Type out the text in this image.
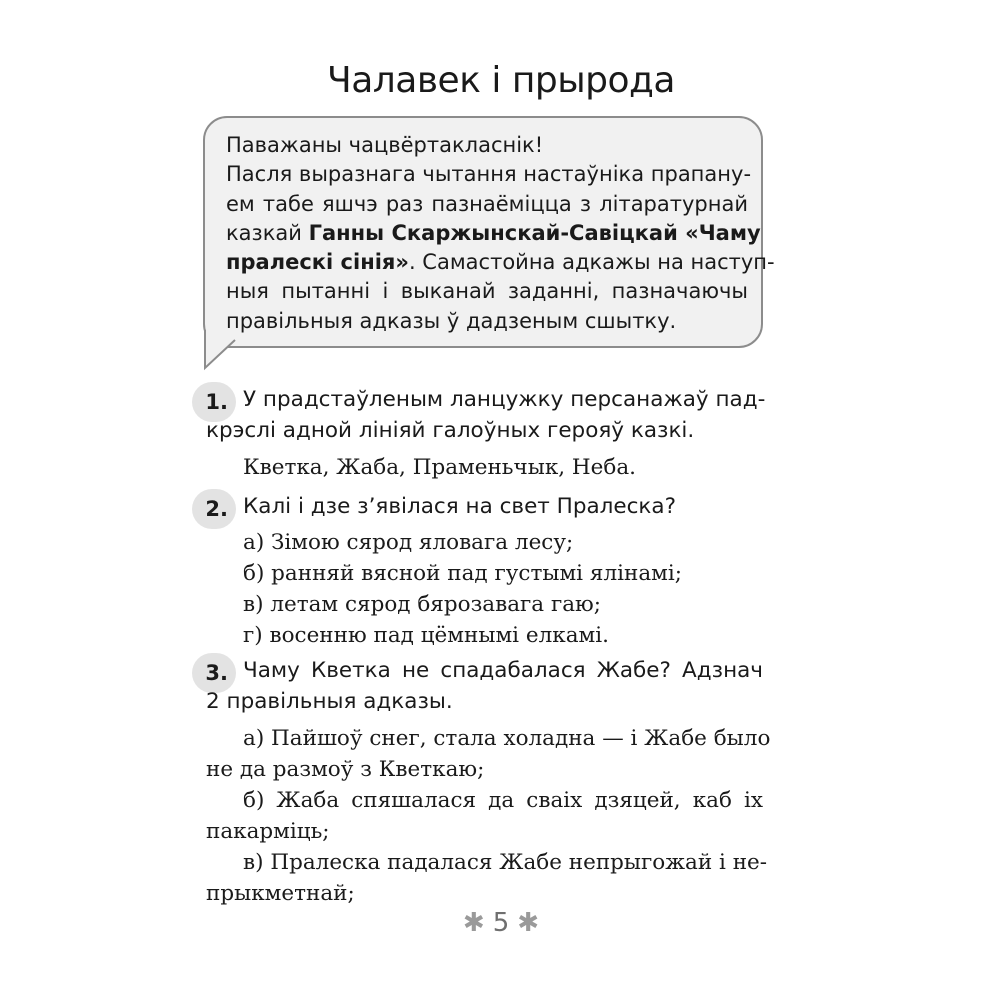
Чалавек і прырода
Паважаны чацвёртакласнік!
Пасля выразнага чытання настаўніка прапану-
ем табе яшчэ раз пазнаёміцца з літаратурнай
казкай Ганны Скаржынскай-Савіцкай «Чаму
пралескі сінія». Самастойна адкажы на наступ-
ныя пытанні і выканай заданні, пазначаючы
правільныя адказы ў дадзеным сшытку.
1. У прадстаўленым ланцужку персанажаў пад-
крэслі адной лініяй галоўных герояў казкі.
Кветка, Жаба, Праменьчык, Неба.
2. Калі і дзе з’явілася на свет Пралеска?
а) Зімою сярод яловага лесу;
б) ранняй вясной пад густымі ялінамі;
в) летам сярод бярозавага гаю;
г) восенню пад цёмнымі елкамі.
3. Чаму Кветка не спадабалася Жабе? Адзнач
2 правільныя адказы.
а) Пайшоў снег, стала холадна — і Жабе было
не да размоў з Кветкаю;
б) Жаба спяшалася да сваіх дзяцей, каб іх
пакарміць;
в) Пралеска падалася Жабе непрыгожай і не-
прыкметнай;
✱ 5 ✱
